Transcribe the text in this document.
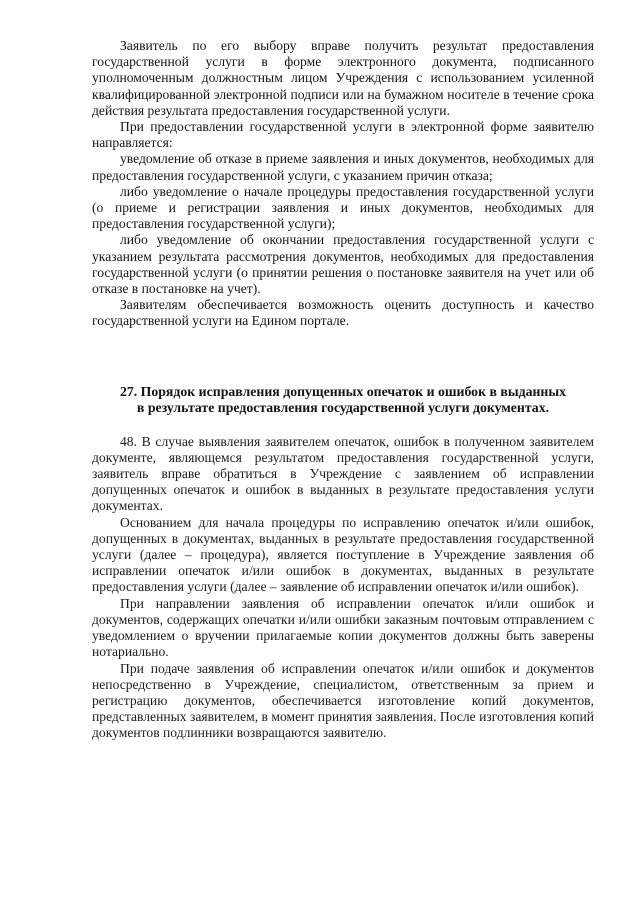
Заявитель по его выбору вправе получить результат предоставления государственной услуги в форме электронного документа, подписанного уполномоченным должностным лицом Учреждения с использованием усиленной квалифицированной электронной подписи или на бумажном носителе в течение срока действия результата предоставления государственной услуги.

При предоставлении государственной услуги в электронной форме заявителю направляется:

уведомление об отказе в приеме заявления и иных документов, необходимых для предоставления государственной услуги, с указанием причин отказа;

либо уведомление о начале процедуры предоставления государственной услуги (о приеме и регистрации заявления и иных документов, необходимых для предоставления государственной услуги);

либо уведомление об окончании предоставления государственной услуги с указанием результата рассмотрения документов, необходимых для предоставления государственной услуги (о принятии решения о постановке заявителя на учет или об отказе в постановке на учет).

Заявителям обеспечивается возможность оценить доступность и качество государственной услуги на Едином портале.

27. Порядок исправления допущенных опечаток и ошибок в выданных
в результате предоставления государственной услуги документах.

48. В случае выявления заявителем опечаток, ошибок в полученном заявителем документе, являющемся результатом предоставления государственной услуги, заявитель вправе обратиться в Учреждение с заявлением об исправлении допущенных опечаток и ошибок в выданных в результате предоставления услуги документах.

Основанием для начала процедуры по исправлению опечаток и/или ошибок, допущенных в документах, выданных в результате предоставления государственной услуги (далее – процедура), является поступление в Учреждение заявления об исправлении опечаток и/или ошибок в документах, выданных в результате предоставления услуги (далее – заявление об исправлении опечаток и/или ошибок).

При направлении заявления об исправлении опечаток и/или ошибок и документов, содержащих опечатки и/или ошибки заказным почтовым отправлением с уведомлением о вручении прилагаемые копии документов должны быть заверены нотариально.

При подаче заявления об исправлении опечаток и/или ошибок и документов непосредственно в Учреждение, специалистом, ответственным за прием и регистрацию документов, обеспечивается изготовление копий документов, представленных заявителем, в момент принятия заявления. После изготовления копий документов подлинники возвращаются заявителю.
